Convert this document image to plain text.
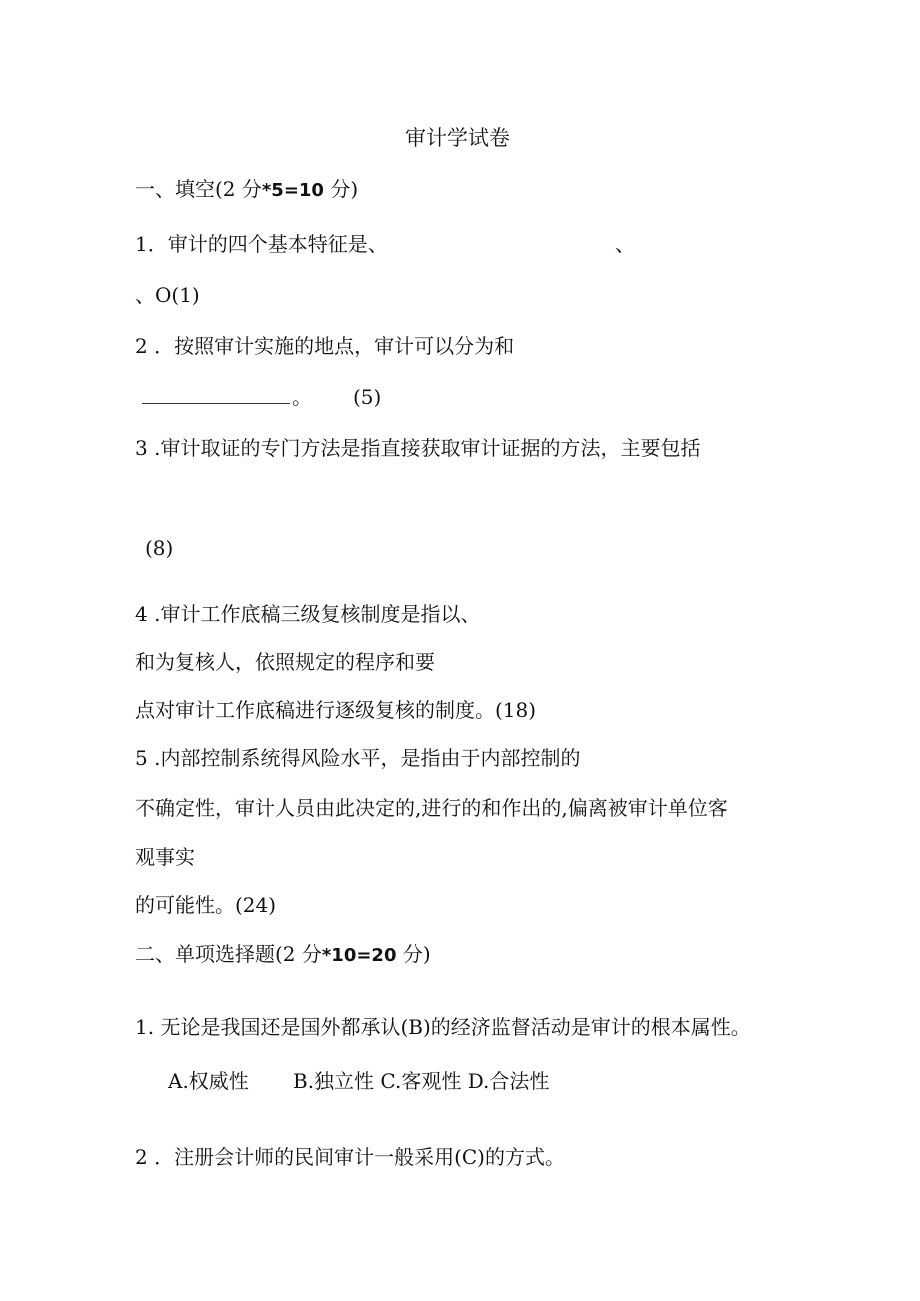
审计学试卷
一、填空(2 分*5=10 分)
1．审计的四个基本特征是、	、
、O(1)
2 ．按照审计实施的地点，审计可以分为和
。 (5)
3 .审计取证的专门方法是指直接获取审计证据的方法，主要包括
(8)
4 .审计工作底稿三级复核制度是指以、
和为复核人，依照规定的程序和要
点对审计工作底稿进行逐级复核的制度。(18)
5 .内部控制系统得风险水平，是指由于内部控制的
不确定性，审计人员由此决定的,进行的和作出的,偏离被审计单位客
观事实
的可能性。(24)
二、单项选择题(2 分*10=20 分)
1. 无论是我国还是国外都承认(B)的经济监督活动是审计的根本属性。
A.权威性 B.独立性 C.客观性 D.合法性
2 ．注册会计师的民间审计一般采用(C)的方式。
